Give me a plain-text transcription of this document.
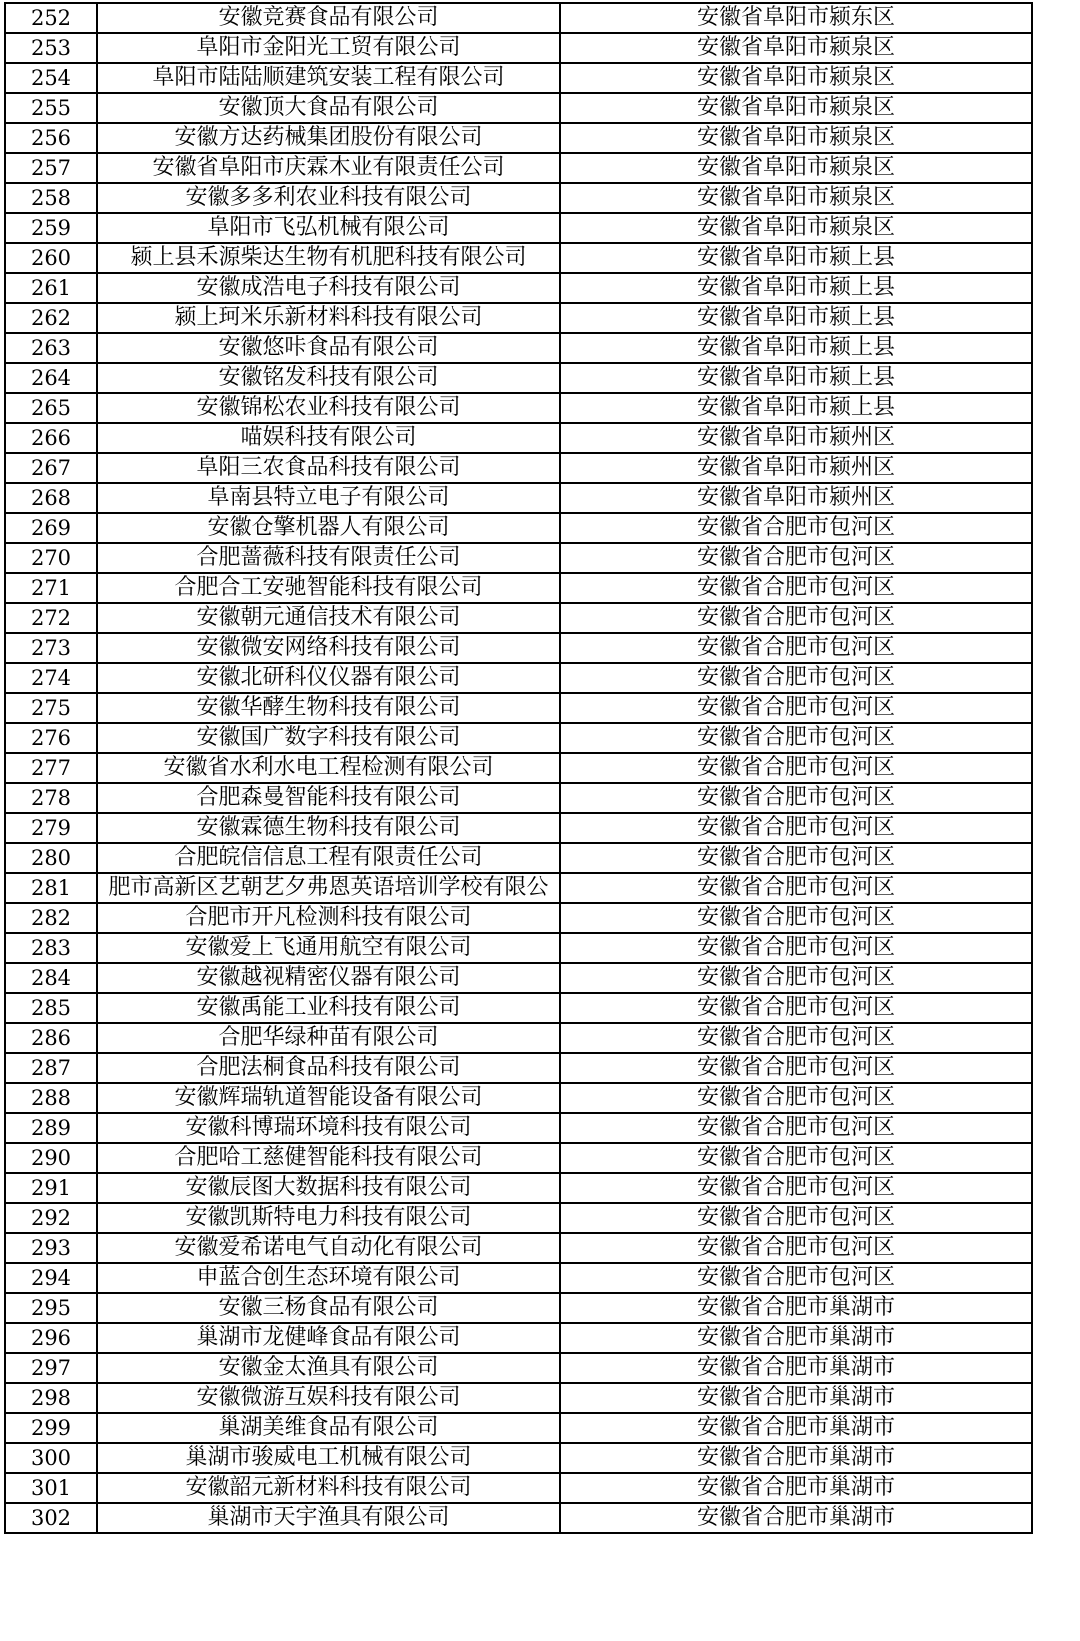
252	安徽竞赛食品有限公司	安徽省阜阳市颍东区
253	阜阳市金阳光工贸有限公司	安徽省阜阳市颍泉区
254	阜阳市陆陆顺建筑安装工程有限公司	安徽省阜阳市颍泉区
255	安徽顶大食品有限公司	安徽省阜阳市颍泉区
256	安徽方达药械集团股份有限公司	安徽省阜阳市颍泉区
257	安徽省阜阳市庆霖木业有限责任公司	安徽省阜阳市颍泉区
258	安徽多多利农业科技有限公司	安徽省阜阳市颍泉区
259	阜阳市飞弘机械有限公司	安徽省阜阳市颍泉区
260	颍上县禾源柴达生物有机肥科技有限公司	安徽省阜阳市颍上县
261	安徽成浩电子科技有限公司	安徽省阜阳市颍上县
262	颍上珂米乐新材料科技有限公司	安徽省阜阳市颍上县
263	安徽悠咔食品有限公司	安徽省阜阳市颍上县
264	安徽铭发科技有限公司	安徽省阜阳市颍上县
265	安徽锦松农业科技有限公司	安徽省阜阳市颍上县
266	喵娱科技有限公司	安徽省阜阳市颍州区
267	阜阳三农食品科技有限公司	安徽省阜阳市颍州区
268	阜南县特立电子有限公司	安徽省阜阳市颍州区
269	安徽仓擎机器人有限公司	安徽省合肥市包河区
270	合肥蔷薇科技有限责任公司	安徽省合肥市包河区
271	合肥合工安驰智能科技有限公司	安徽省合肥市包河区
272	安徽朝元通信技术有限公司	安徽省合肥市包河区
273	安徽微安网络科技有限公司	安徽省合肥市包河区
274	安徽北研科仪仪器有限公司	安徽省合肥市包河区
275	安徽华酵生物科技有限公司	安徽省合肥市包河区
276	安徽国广数字科技有限公司	安徽省合肥市包河区
277	安徽省水利水电工程检测有限公司	安徽省合肥市包河区
278	合肥森曼智能科技有限公司	安徽省合肥市包河区
279	安徽霖德生物科技有限公司	安徽省合肥市包河区
280	合肥皖信信息工程有限责任公司	安徽省合肥市包河区
281	肥市高新区艺朝艺夕弗恩英语培训学校有限公	安徽省合肥市包河区
282	合肥市开凡检测科技有限公司	安徽省合肥市包河区
283	安徽爱上飞通用航空有限公司	安徽省合肥市包河区
284	安徽越视精密仪器有限公司	安徽省合肥市包河区
285	安徽禹能工业科技有限公司	安徽省合肥市包河区
286	合肥华绿种苗有限公司	安徽省合肥市包河区
287	合肥法桐食品科技有限公司	安徽省合肥市包河区
288	安徽辉瑞轨道智能设备有限公司	安徽省合肥市包河区
289	安徽科博瑞环境科技有限公司	安徽省合肥市包河区
290	合肥哈工慈健智能科技有限公司	安徽省合肥市包河区
291	安徽辰图大数据科技有限公司	安徽省合肥市包河区
292	安徽凯斯特电力科技有限公司	安徽省合肥市包河区
293	安徽爱希诺电气自动化有限公司	安徽省合肥市包河区
294	申蓝合创生态环境有限公司	安徽省合肥市包河区
295	安徽三杨食品有限公司	安徽省合肥市巢湖市
296	巢湖市龙健峰食品有限公司	安徽省合肥市巢湖市
297	安徽金太渔具有限公司	安徽省合肥市巢湖市
298	安徽微游互娱科技有限公司	安徽省合肥市巢湖市
299	巢湖美维食品有限公司	安徽省合肥市巢湖市
300	巢湖市骏威电工机械有限公司	安徽省合肥市巢湖市
301	安徽韶元新材料科技有限公司	安徽省合肥市巢湖市
302	巢湖市天宇渔具有限公司	安徽省合肥市巢湖市
